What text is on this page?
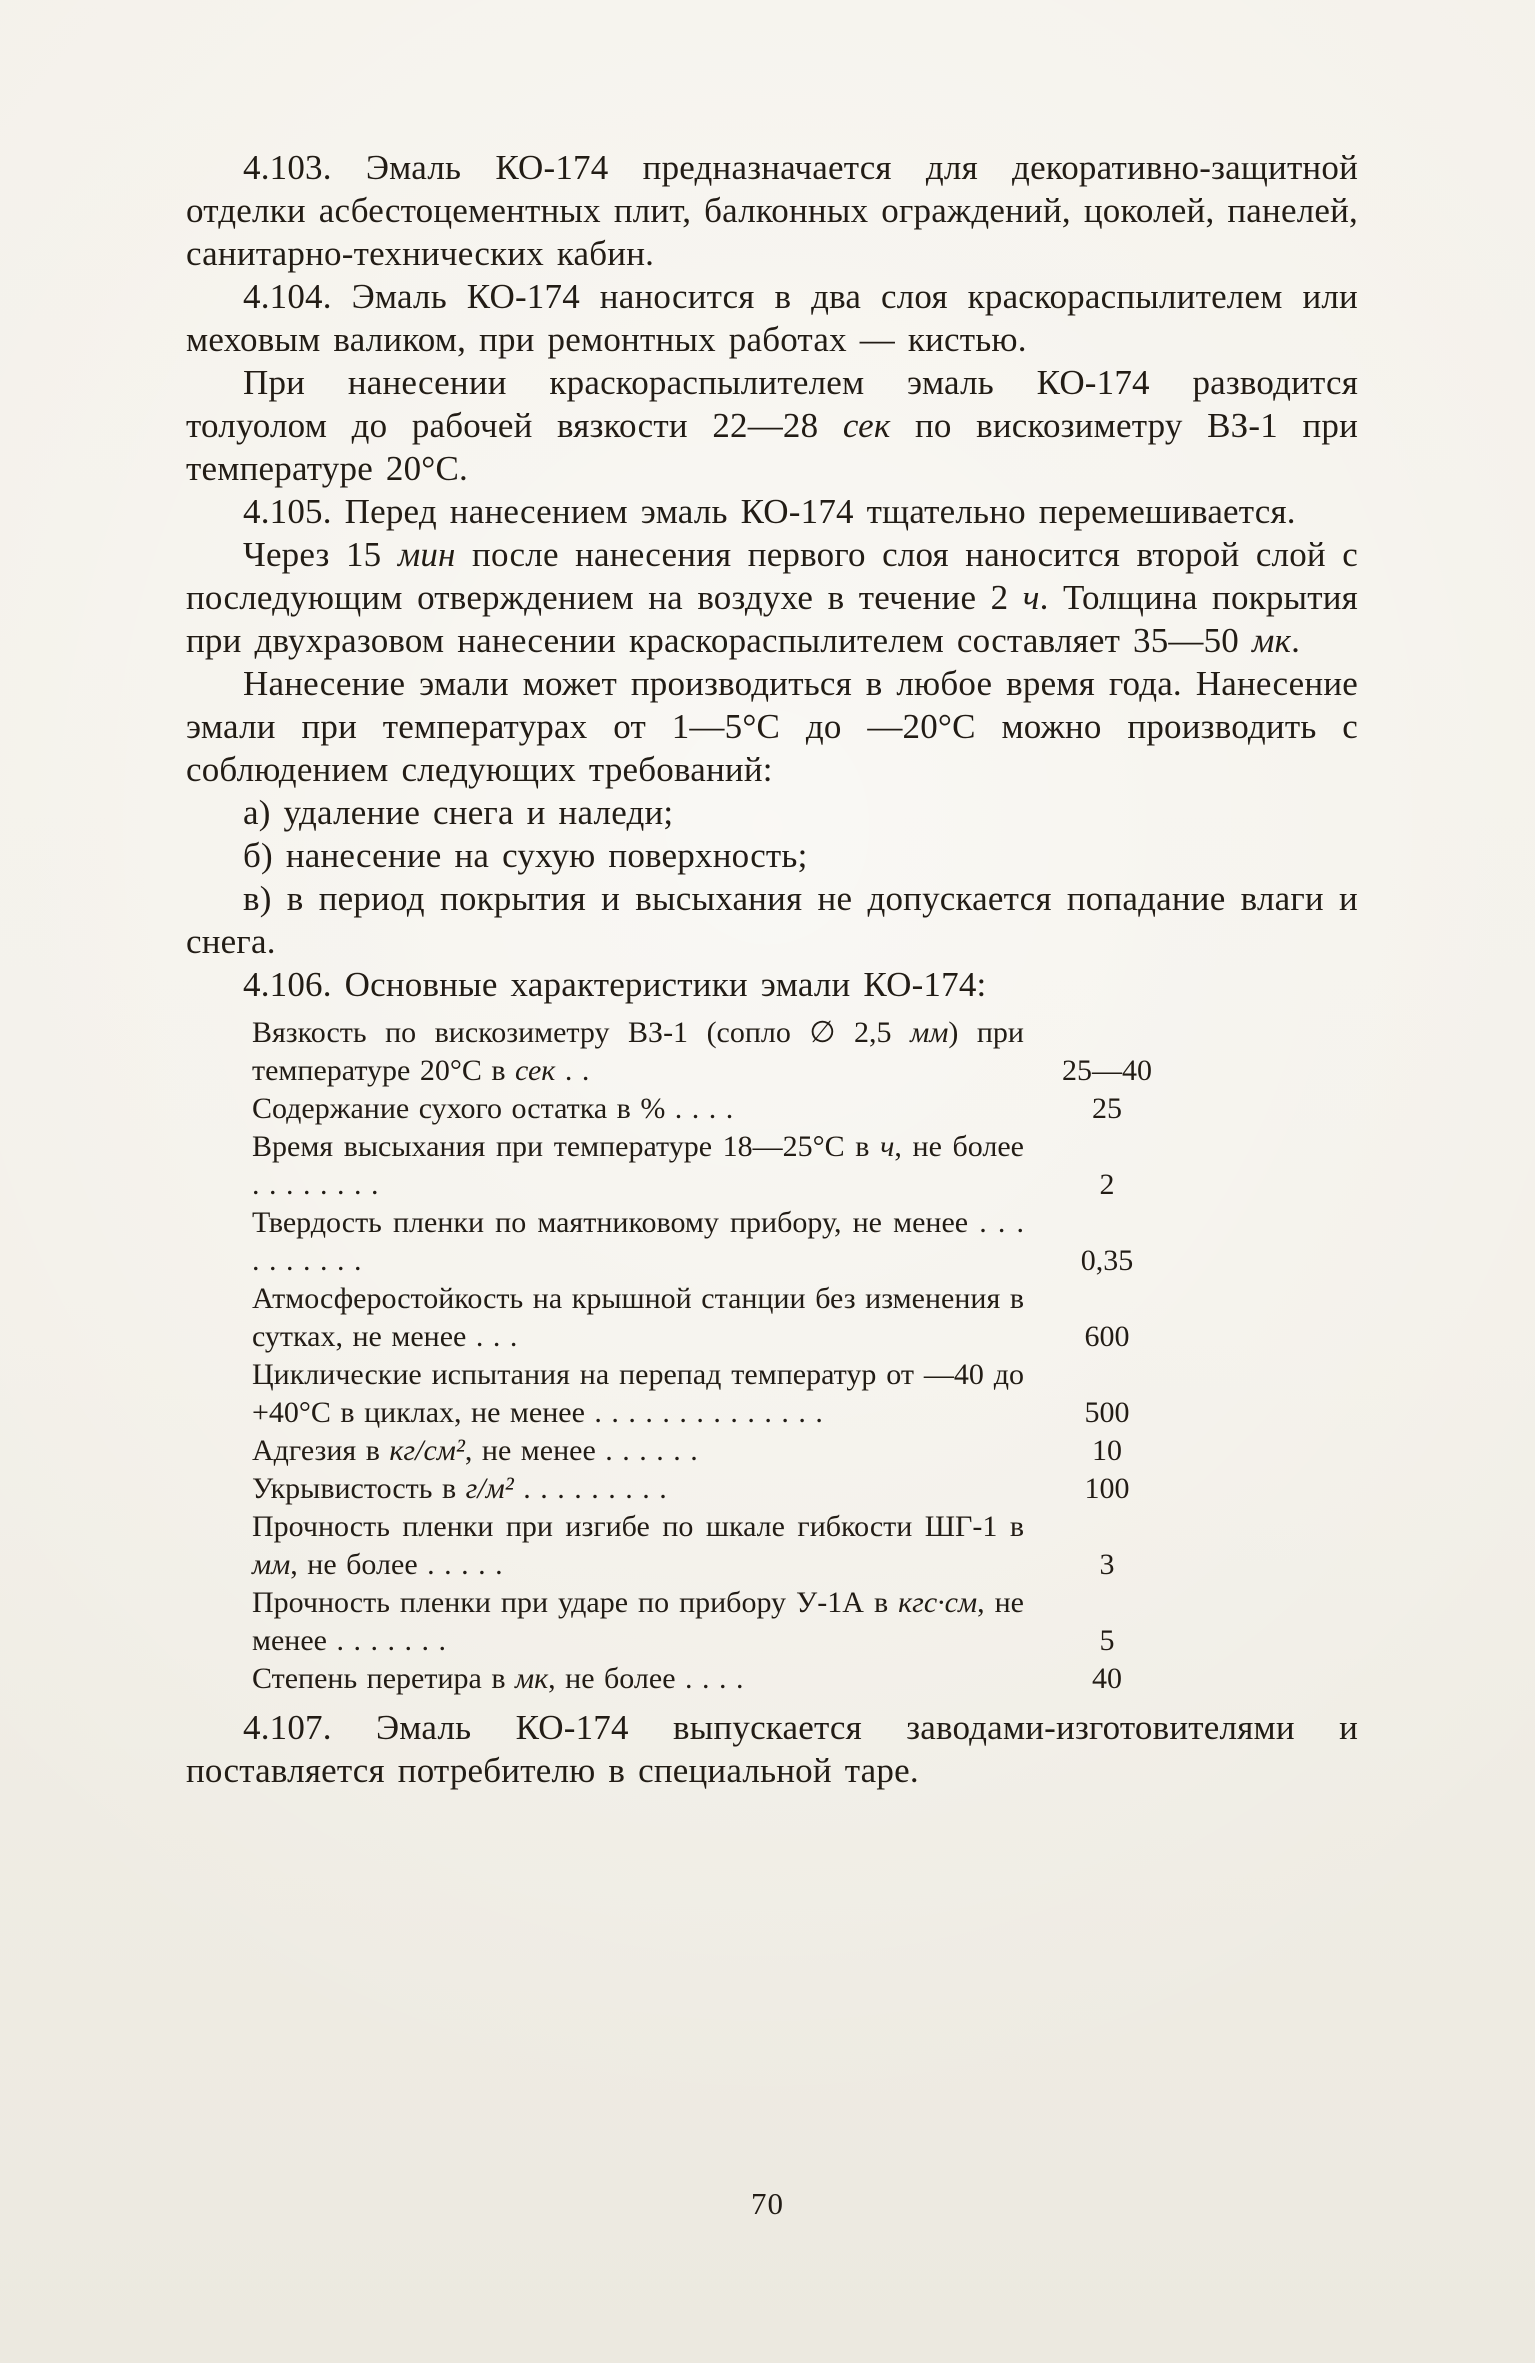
4.103. Эмаль КО-174 предназначается для декоративно-защитной отделки асбестоцементных плит, балконных ограждений, цоколей, панелей, санитарно-технических кабин.

4.104. Эмаль КО-174 наносится в два слоя краскораспылителем или меховым валиком, при ремонтных работах — кистью.

При нанесении краскораспылителем эмаль КО-174 разводится толуолом до рабочей вязкости 22—28 сек по вискозиметру ВЗ-1 при температуре 20°С.

4.105. Перед нанесением эмаль КО-174 тщательно перемешивается.

Через 15 мин после нанесения первого слоя наносится второй слой с последующим отверждением на воздухе в течение 2 ч. Толщина покрытия при двухразовом нанесении краскораспылителем составляет 35—50 мк.

Нанесение эмали может производиться в любое время года. Нанесение эмали при температурах от 1—5°С до —20°С можно производить с соблюдением следующих требований:

а) удаление снега и наледи;

б) нанесение на сухую поверхность;

в) в период покрытия и высыхания не допускается попадание влаги и снега.

4.106. Основные характеристики эмали КО-174:

Вязкость по вискозиметру ВЗ-1 (сопло ∅ 2,5 мм) при температуре 20°С в сек . .	25—40
Содержание сухого остатка в % . . . .	25
Время высыхания при температуре 18—25°С в ч, не более . . . . . . . .	2
Твердость пленки по маятниковому прибору, не менее . . . . . . . . . .	0,35
Атмосферостойкость на крышной станции без изменения в сутках, не менее . . .	600
Циклические испытания на перепад температур от —40 до +40°С в циклах, не менее . . . . . . . . . . . . . .	500
Адгезия в кг/см², не менее . . . . . .	10
Укрывистость в г/м² . . . . . . . . .	100
Прочность пленки при изгибе по шкале гибкости ШГ-1 в мм, не более . . . . .	3
Прочность пленки при ударе по прибору У-1А в кгс·см, не менее . . . . . . .	5
Степень перетира в мк, не более . . . .	40

4.107. Эмаль КО-174 выпускается заводами-изготовителями и поставляется потребителю в специальной таре.

70
